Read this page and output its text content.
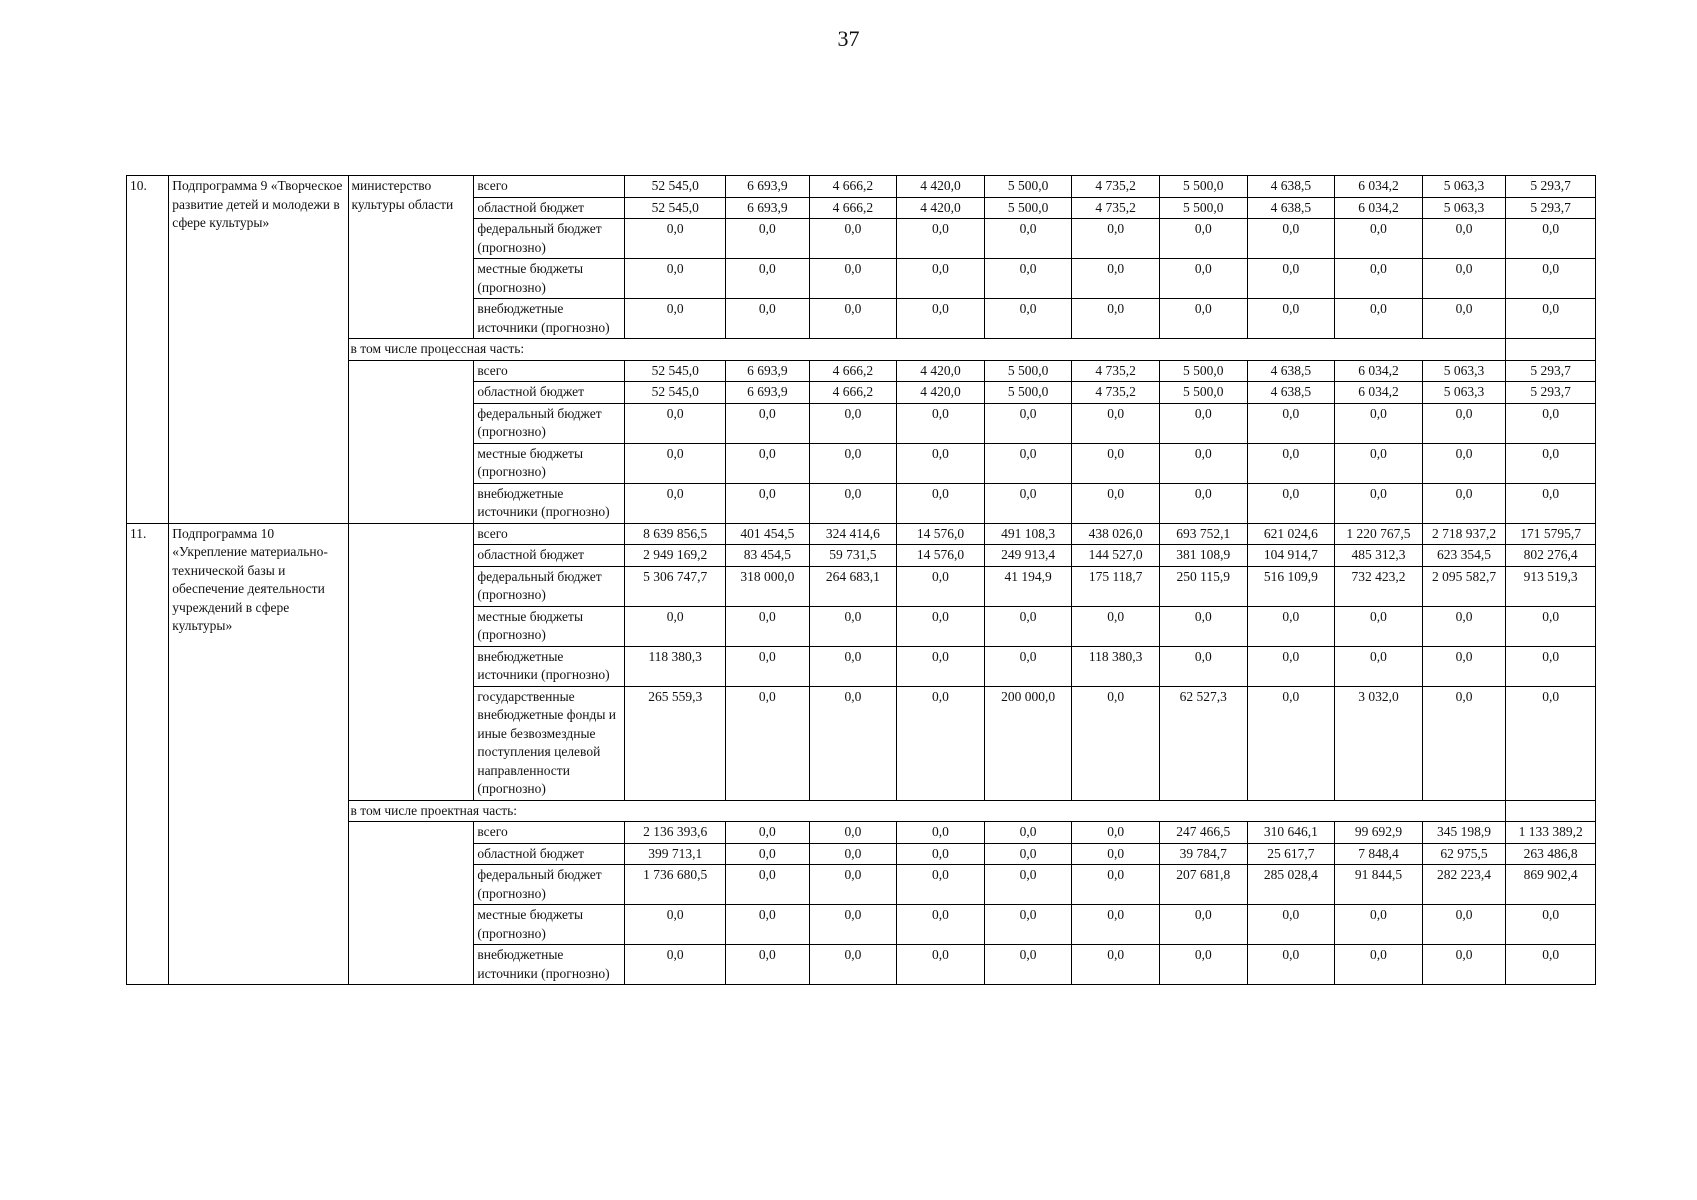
37
10.	Подпрограмма 9 «Творческое развитие детей и молодежи в сфере культуры»	министерство культуры области	всего	52 545,0	6 693,9	4 666,2	4 420,0	5 500,0	4 735,2	5 500,0	4 638,5	6 034,2	5 063,3	5 293,7
			областной бюджет	52 545,0	6 693,9	4 666,2	4 420,0	5 500,0	4 735,2	5 500,0	4 638,5	6 034,2	5 063,3	5 293,7
			федеральный бюджет (прогнозно)	0,0	0,0	0,0	0,0	0,0	0,0	0,0	0,0	0,0	0,0	0,0
			местные бюджеты (прогнозно)	0,0	0,0	0,0	0,0	0,0	0,0	0,0	0,0	0,0	0,0	0,0
			внебюджетные источники (прогнозно)	0,0	0,0	0,0	0,0	0,0	0,0	0,0	0,0	0,0	0,0	0,0
		в том числе процессная часть:												
			всего	52 545,0	6 693,9	4 666,2	4 420,0	5 500,0	4 735,2	5 500,0	4 638,5	6 034,2	5 063,3	5 293,7
			областной бюджет	52 545,0	6 693,9	4 666,2	4 420,0	5 500,0	4 735,2	5 500,0	4 638,5	6 034,2	5 063,3	5 293,7
			федеральный бюджет (прогнозно)	0,0	0,0	0,0	0,0	0,0	0,0	0,0	0,0	0,0	0,0	0,0
			местные бюджеты (прогнозно)	0,0	0,0	0,0	0,0	0,0	0,0	0,0	0,0	0,0	0,0	0,0
			внебюджетные источники (прогнозно)	0,0	0,0	0,0	0,0	0,0	0,0	0,0	0,0	0,0	0,0	0,0
11.	Подпрограмма 10 «Укрепление материально-технической базы и обеспечение деятельности учреждений в сфере культуры»		всего	8 639 856,5	401 454,5	324 414,6	14 576,0	491 108,3	438 026,0	693 752,1	621 024,6	1 220 767,5	2 718 937,2	171 5795,7
			областной бюджет	2 949 169,2	83 454,5	59 731,5	14 576,0	249 913,4	144 527,0	381 108,9	104 914,7	485 312,3	623 354,5	802 276,4
			федеральный бюджет (прогнозно)	5 306 747,7	318 000,0	264 683,1	0,0	41 194,9	175 118,7	250 115,9	516 109,9	732 423,2	2 095 582,7	913 519,3
			местные бюджеты (прогнозно)	0,0	0,0	0,0	0,0	0,0	0,0	0,0	0,0	0,0	0,0	0,0
			внебюджетные источники (прогнозно)	118 380,3	0,0	0,0	0,0	0,0	118 380,3	0,0	0,0	0,0	0,0	0,0
			государственные внебюджетные фонды и иные безвозмездные поступления целевой направленности (прогнозно)	265 559,3	0,0	0,0	0,0	200 000,0	0,0	62 527,3	0,0	3 032,0	0,0	0,0
		в том числе проектная часть:												
			всего	2 136 393,6	0,0	0,0	0,0	0,0	0,0	247 466,5	310 646,1	99 692,9	345 198,9	1 133 389,2
			областной бюджет	399 713,1	0,0	0,0	0,0	0,0	0,0	39 784,7	25 617,7	7 848,4	62 975,5	263 486,8
			федеральный бюджет (прогнозно)	1 736 680,5	0,0	0,0	0,0	0,0	0,0	207 681,8	285 028,4	91 844,5	282 223,4	869 902,4
			местные бюджеты (прогнозно)	0,0	0,0	0,0	0,0	0,0	0,0	0,0	0,0	0,0	0,0	0,0
			внебюджетные источники (прогнозно)	0,0	0,0	0,0	0,0	0,0	0,0	0,0	0,0	0,0	0,0	0,0
